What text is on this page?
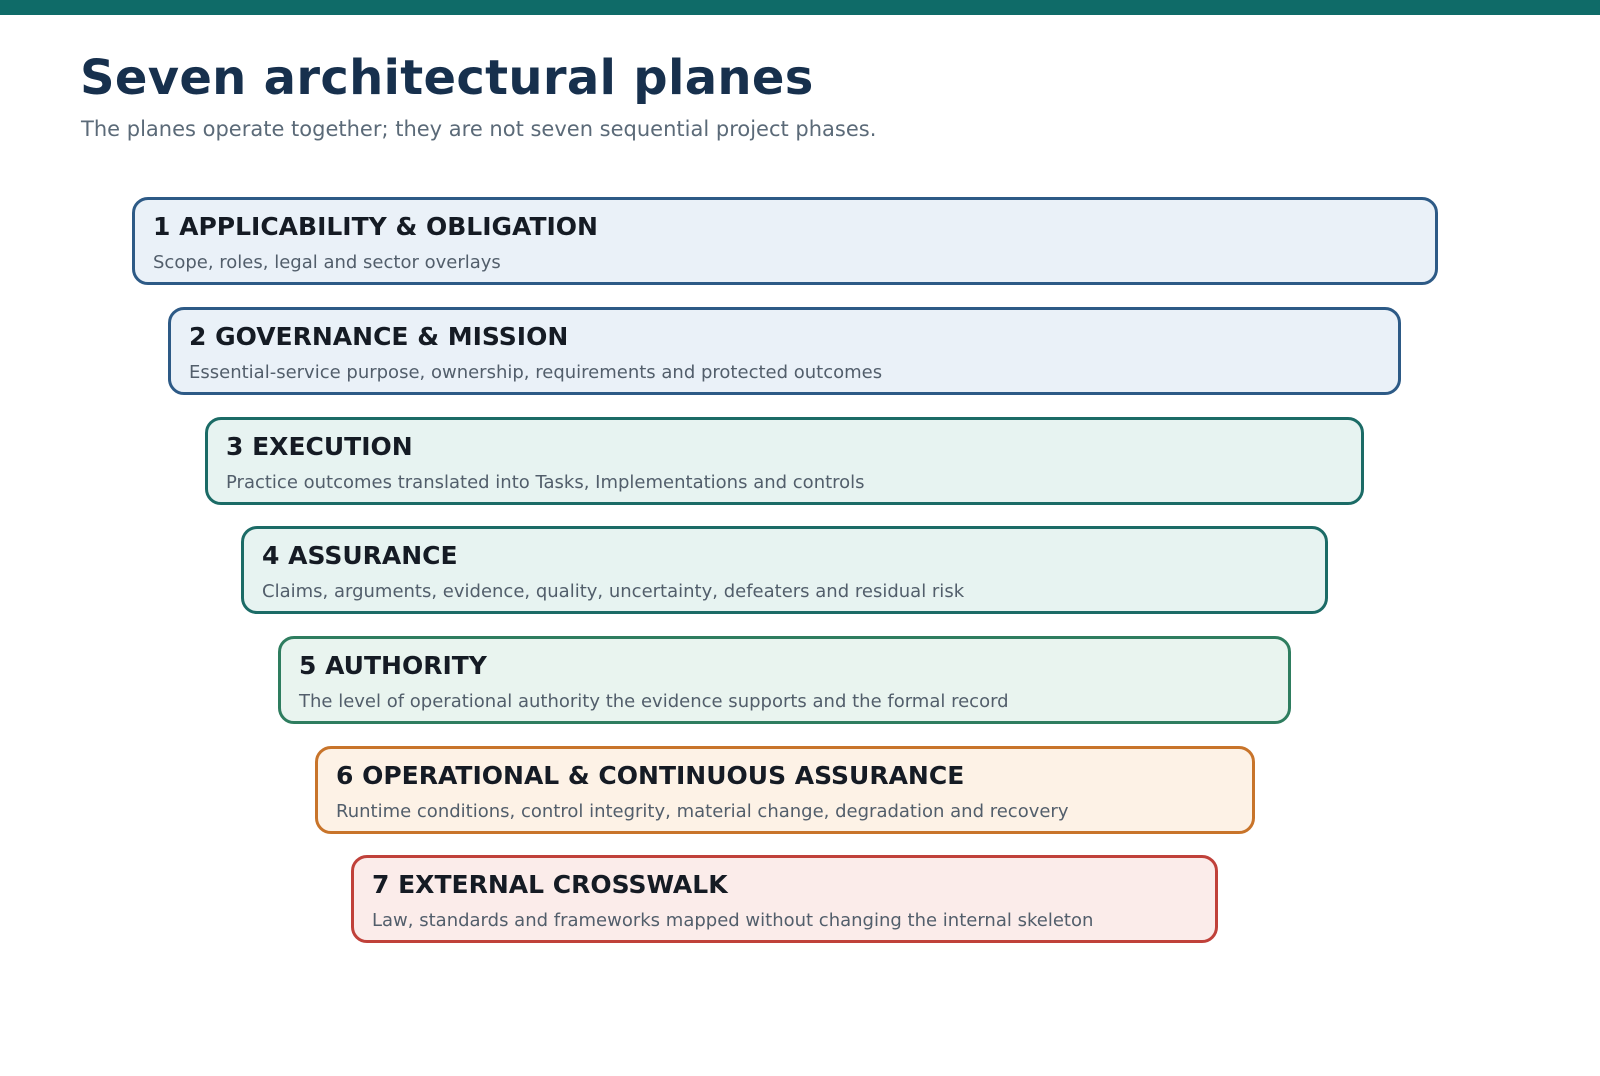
Seven architectural planes

The planes operate together; they are not seven sequential project phases.

1 APPLICABILITY & OBLIGATION
Scope, roles, legal and sector overlays
2 GOVERNANCE & MISSION
Essential-service purpose, ownership, requirements and protected outcomes
3 EXECUTION
Practice outcomes translated into Tasks, Implementations and controls
4 ASSURANCE
Claims, arguments, evidence, quality, uncertainty, defeaters and residual risk
5 AUTHORITY
The level of operational authority the evidence supports and the formal record
6 OPERATIONAL & CONTINUOUS ASSURANCE
Runtime conditions, control integrity, material change, degradation and recovery
7 EXTERNAL CROSSWALK
Law, standards and frameworks mapped without changing the internal skeleton
